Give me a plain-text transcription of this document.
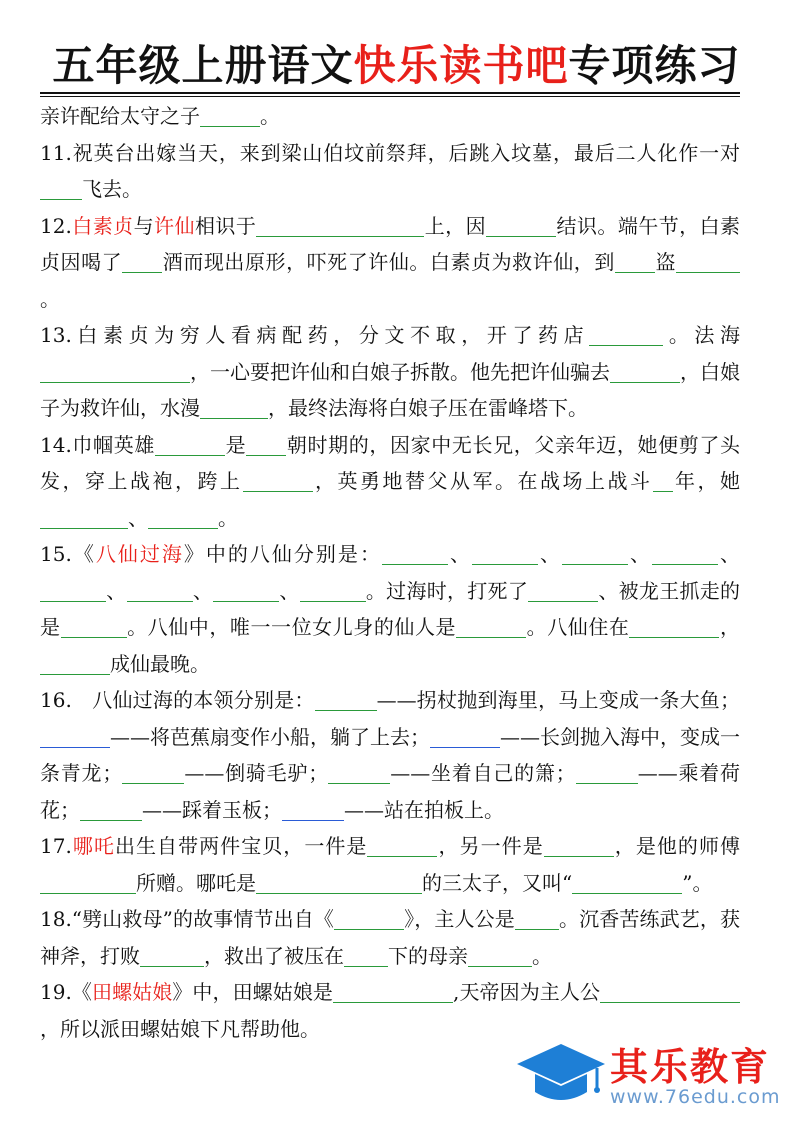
五年级上册语文快乐读书吧专项练习
亲许配给太守之子	。
11.祝英台出嫁当天，来到梁山伯坟前祭拜，后跳入坟墓，最后二人化作一对飞去。
12.白素贞与许仙相识于	上，因	结识。端午节，白素贞因喝了 酒而现出原形，吓死了许仙。白素贞为救许仙，到 盗。
13.白素贞为穷人看病配药，分文不取，开了药店	。法海，一心要把许仙和白娘子拆散。他先把许仙骗去	，白娘子为救许仙，水漫	，最终法海将白娘子压在雷峰塔下。
14.巾帼英雄	是 朝时期的，因家中无长兄，父亲年迈，她便剪了头发，穿上战袍，跨上	，英勇地替父从军。在战场上战斗 年，她、	。
15.《八仙过海》中的八仙分别是：	、	、	、	、、	、	、	。过海时，打死了	、被龙王抓走的是	。八仙中，唯一一位女儿身的仙人是	。八仙住在	，成仙最晚。
16.　八仙过海的本领分别是：	——拐杖抛到海里，马上变成一条大鱼；——将芭蕉扇变作小船，躺了上去；	——长剑抛入海中，变成一条青龙；	——倒骑毛驴；	——坐着自己的箫；	——乘着荷花；	——踩着玉板；	——站在拍板上。
17.哪吒出生自带两件宝贝，一件是	，另一件是	，是他的师傅所赠。哪吒是	的三太子，又叫“	”。
18.“劈山救母”的故事情节出自《	》，主人公是 。沉香苦练武艺，获神斧，打败	，救出了被压在 下的母亲	。
19.《田螺姑娘》中，田螺姑娘是	,天帝因为主人公，所以派田螺姑娘下凡帮助他。
其乐教育
www.76edu.com
